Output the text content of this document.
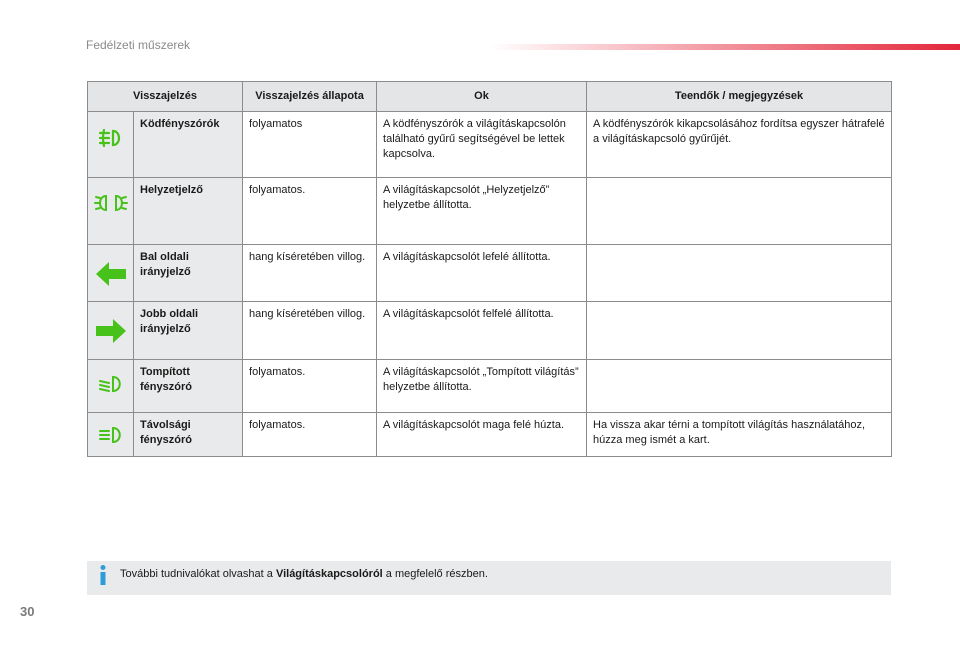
Fedélzeti műszerek
Visszajelzés		Visszajelzés állapota	Ok	Teendők / megjegyzések

	Ködfényszórók	folyamatos	A ködfényszórók a világításkapcsolón található gyűrű segítségével be lettek kapcsolva.	A ködfényszórók kikapcsolásához fordítsa egyszer hátrafelé a világításkapcsoló gyűrűjét.

	Helyzetjelző	folyamatos.	A világításkapcsolót „Helyzetjelző” helyzetbe állította.	

	Bal oldali irányjelző	hang kíséretében villog.	A világításkapcsolót lefelé állította.	

	Jobb oldali irányjelző	hang kíséretében villog.	A világításkapcsolót felfelé állította.	

	Tompított fényszóró	folyamatos.	A világításkapcsolót „Tompított világítás” helyzetbe állította.	

	Távolsági fényszóró	folyamatos.	A világításkapcsolót maga felé húzta.	Ha vissza akar térni a tompított világítás használatához, húzza meg ismét a kart.
További tudnivalókat olvashat a Világításkapcsolóról a megfelelő részben.
30
